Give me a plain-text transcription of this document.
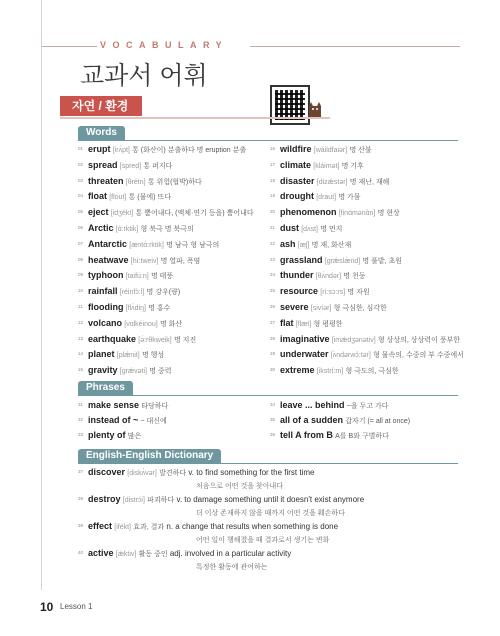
VOCABULARY
교과서 어휘
자연 / 환경
Words
01 erupt [irʌ́pt] 통 (화산이) 분출하다 명 eruption 분출
02 spread [spred] 통 퍼지다
03 threaten [θrétn] 통 위험(협박)하다
04 float [flout] 통 (물에) 뜨다
05 eject [idʒékt] 통 뿜어내다, (액체·연기 등을) 뿜어내다
06 Arctic [ɑ́:rktik] 형 북극 명 북극의
07 Antarctic [æntɑ́:rktik] 명 남극 형 남극의
08 heatwave [hí:tweiv] 명 열파, 폭염
09 typhoon [taifú:n] 명 태풍
10 rainfall [réinfɔ̀:l] 명 강우(량)
11 flooding [flʌ́diŋ] 명 홍수
12 volcano [vɑlkéinou] 명 화산
13 earthquake [ə́:rθkweik] 명 지진
14 planet [plǽnit] 명 행성
15 gravity [grǽvəti] 명 중력
16 wildfire [wáildfaiər] 명 산불
17 climate [kláimət] 명 기후
18 disaster [dizǽstər] 명 재난, 재해
19 drought [draut] 명 가뭄
20 phenomenon [finɑ́mənɑ̀n] 명 현상
21 dust [dʌst] 명 먼지
22 ash [æʃ] 명 재, 화산재
23 grassland [grǽslæ̀nd] 명 풀밭, 초원
24 thunder [θʌ́ndər] 명 천둥
25 resource [rí:sɔ:rs] 명 자원
26 severe [sivíər] 형 극심한, 심각한
27 flat [flæt] 형 평평한
28 imaginative [imǽdʒənətiv] 형 상상의, 상상력이 풍부한
29 underwater [ʌ̀ndərwɔ́:tər] 형 물속의, 수중의 부 수중에서
30 extreme [ikstrí:m] 형 극도의, 극심한
Phrases
31 make sense 타당하다
32 instead of ~ ~ 대신에
33 plenty of 많은
34 leave ... behind ~을 두고 가다
35 all of a sudden 갑자기 (= all at once)
36 tell A from B A를 B와 구별하다
English-English Dictionary
37 discover [diskʌ́vər] 발견하다 v. to find something for the first time
처음으로 어떤 것을 찾아내다
38 destroy [distrɔ́i] 파괴하다 v. to damage something until it doesn't exist anymore
더 이상 존재하지 않을 때까지 어떤 것을 훼손하다
39 effect [ifékt] 효과, 결과 n. a change that results when something is done
어떤 일이 행해졌을 때 결과로서 생기는 변화
40 active [ǽktiv] 활동 중인 adj. involved in a particular activity
특정한 활동에 관여하는
10 Lesson 1
